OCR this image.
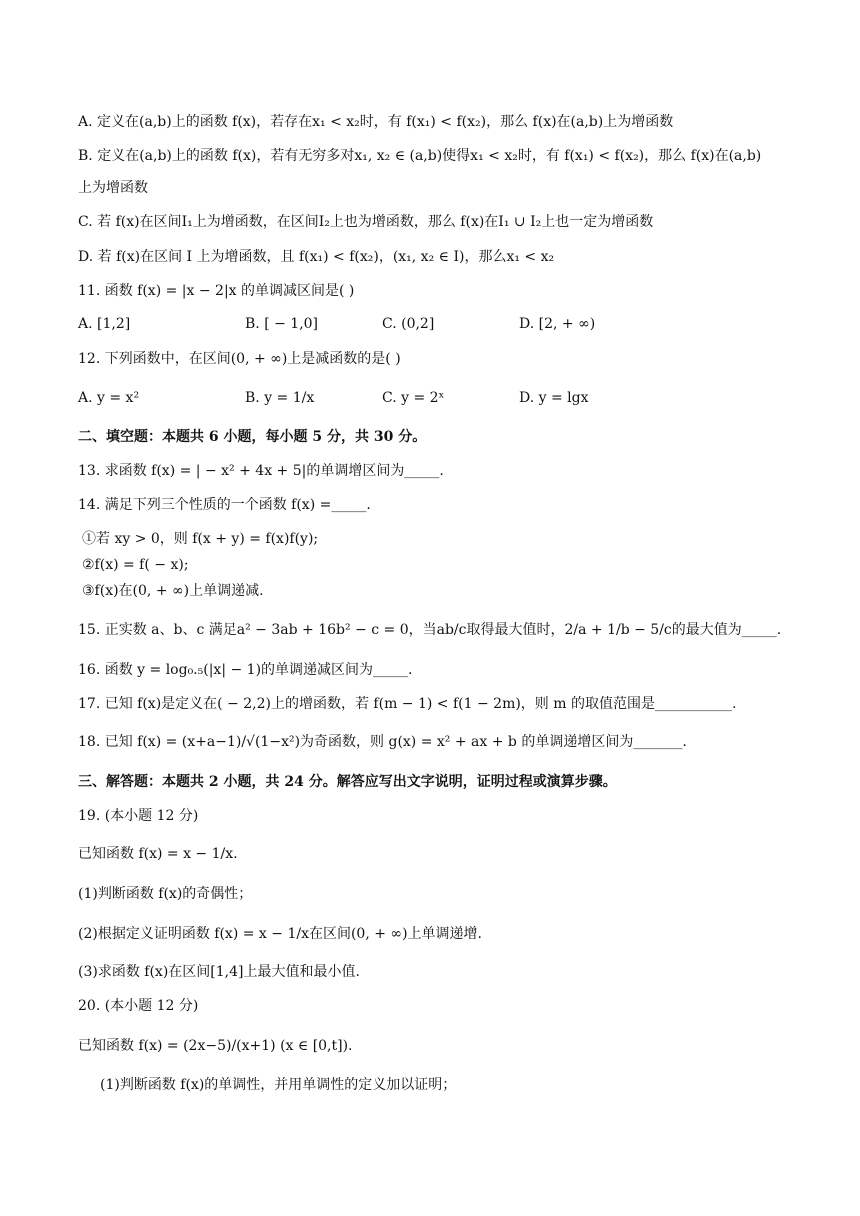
A. 定义在(a,b)上的函数 f(x)，若存在x₁ < x₂时，有 f(x₁) < f(x₂)，那么 f(x)在(a,b)上为增函数
B. 定义在(a,b)上的函数 f(x)，若有无穷多对x₁, x₂ ∈ (a,b)使得x₁ < x₂时，有 f(x₁) < f(x₂)，那么 f(x)在(a,b)
上为增函数
C. 若 f(x)在区间I₁上为增函数，在区间I₂上也为增函数，那么 f(x)在I₁ ∪ I₂上也一定为增函数
D. 若 f(x)在区间 I 上为增函数，且 f(x₁) < f(x₂)，(x₁, x₂ ∈ I)，那么x₁ < x₂
11. 函数 f(x) = |x − 2|x 的单调减区间是( )
A. [1,2]	B. [ − 1,0]	C. (0,2]	D. [2, + ∞)
12. 下列函数中，在区间(0, + ∞)上是减函数的是( )
A. y = x²	B. y = 1/x	C. y = 2ˣ	D. y = lgx
二、填空题：本题共 6 小题，每小题 5 分，共 30 分。
13. 求函数 f(x) = | − x² + 4x + 5|的单调增区间为_____.
14. 满足下列三个性质的一个函数 f(x) =_____.
①若 xy > 0，则 f(x + y) = f(x)f(y);
②f(x) = f( − x);
③f(x)在(0, + ∞)上单调递减.
15. 正实数 a、b、c 满足a² − 3ab + 16b² − c = 0，当ab/c取得最大值时，2/a + 1/b − 5/c的最大值为_____.
16. 函数 y = log₀.₅(|x| − 1)的单调递减区间为_____.
17. 已知 f(x)是定义在( − 2,2)上的增函数，若 f(m − 1) < f(1 − 2m)，则 m 的取值范围是___________.
18. 已知 f(x) = (x+a−1)/√(1−x²)为奇函数，则 g(x) = x² + ax + b 的单调递增区间为_______.
三、解答题：本题共 2 小题，共 24 分。解答应写出文字说明，证明过程或演算步骤。
19. (本小题 12 分)
已知函数 f(x) = x − 1/x.
(1)判断函数 f(x)的奇偶性；
(2)根据定义证明函数 f(x) = x − 1/x在区间(0, + ∞)上单调递增.
(3)求函数 f(x)在区间[1,4]上最大值和最小值.
20. (本小题 12 分)
已知函数 f(x) = (2x−5)/(x+1) (x ∈ [0,t]).
(1)判断函数 f(x)的单调性，并用单调性的定义加以证明；
